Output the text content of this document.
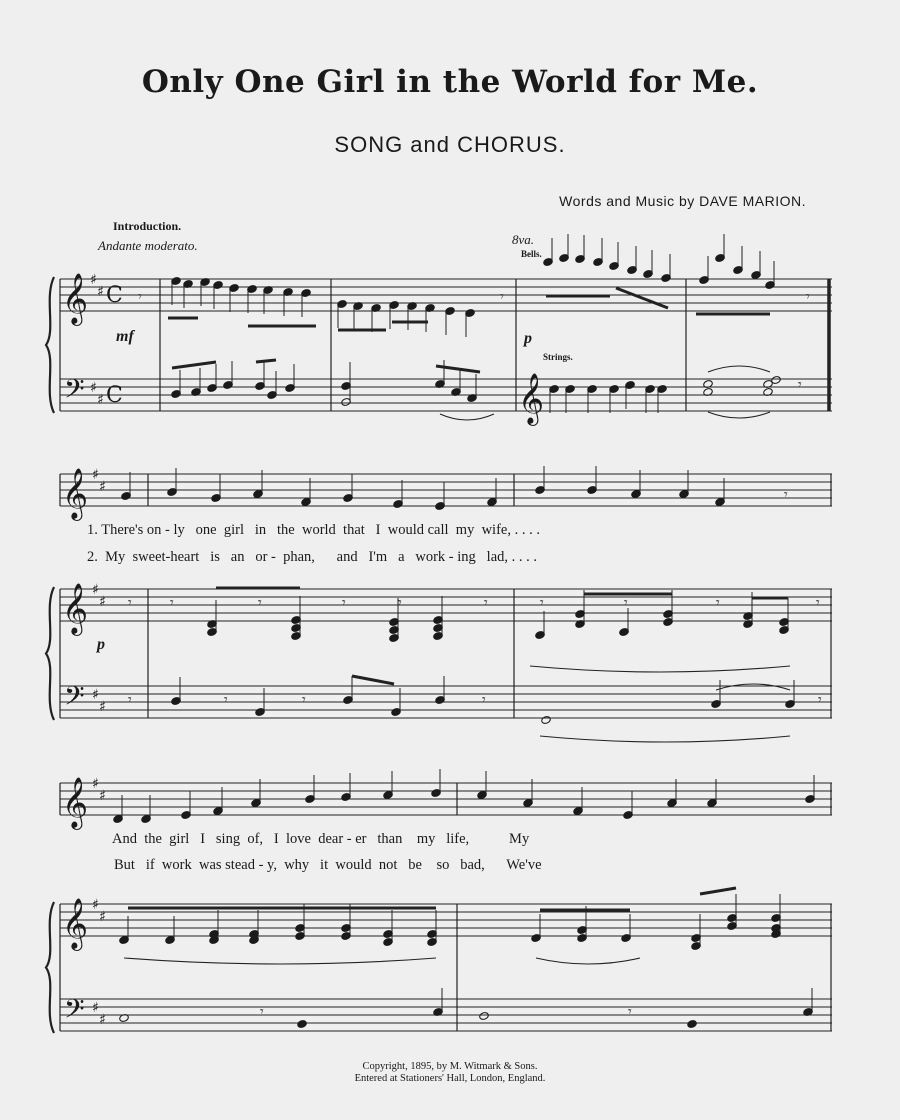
Only One Girl in the World for Me.
SONG and CHORUS.
Words and Music by DAVE MARION.
Introduction.
Andante moderato.	8va.
Bells.
Strings.
mf	p
p
1. There's on - ly   one  girl   in   the  world  that   I  would call  my  wife, . . . .
2.  My  sweet-heart   is   an   or -  phan,      and   I'm   a   work - ing   lad, . . . .
And  the  girl   I   sing  of,   I  love  dear - er   than    my   life,           My
But   if  work  was stead - y,  why   it  would  not   be    so   bad,      We've
Copyright, 1895, by M. Witmark & Sons.
Entered at Stationers' Hall, London, England.
𝄞
𝄢
♯
♯
♯
♯
C
C
𝄾	𝄾	𝄾
𝄞	𝄾
𝄞
𝄞
𝄢
♯
♯
♯
♯
♯
♯
𝄾
𝄾	𝄾	𝄾	𝄾	𝄾	𝄾	𝄾	𝄾	𝄾	𝄾
𝄾	𝄾	𝄾	𝄾	𝄾
𝄞
𝄞
𝄢
♯
♯
♯
♯
♯
♯	𝄾	𝄾
